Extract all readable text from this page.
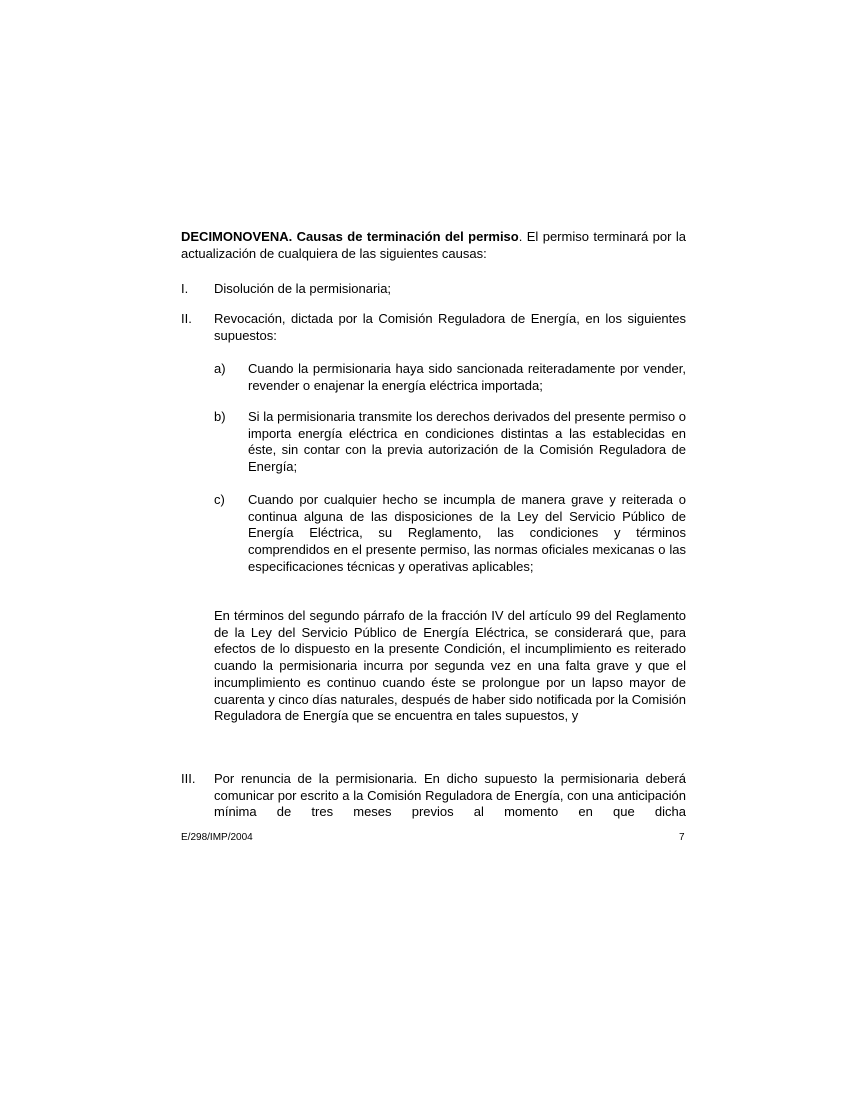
DECIMONOVENA. Causas de terminación del permiso. El permiso terminará por la actualización de cualquiera de las siguientes causas:
I. Disolución de la permisionaria;
II. Revocación, dictada por la Comisión Reguladora de Energía, en los siguientes supuestos:
a) Cuando la permisionaria haya sido sancionada reiteradamente por vender, revender o enajenar la energía eléctrica importada;
b) Si la permisionaria transmite los derechos derivados del presente permiso o importa energía eléctrica en condiciones distintas a las establecidas en éste, sin contar con la previa autorización de la Comisión Reguladora de Energía;
c) Cuando por cualquier hecho se incumpla de manera grave y reiterada o continua alguna de las disposiciones de la Ley del Servicio Público de Energía Eléctrica, su Reglamento, las condiciones y términos comprendidos en el presente permiso, las normas oficiales mexicanas o las especificaciones técnicas y operativas aplicables;
En términos del segundo párrafo de la fracción IV del artículo 99 del Reglamento de la Ley del Servicio Público de Energía Eléctrica, se considerará que, para efectos de lo dispuesto en la presente Condición, el incumplimiento es reiterado cuando la permisionaria incurra por segunda vez en una falta grave y que el incumplimiento es continuo cuando éste se prolongue por un lapso mayor de cuarenta y cinco días naturales, después de haber sido notificada por la Comisión Reguladora de Energía que se encuentra en tales supuestos, y
III. Por renuncia de la permisionaria. En dicho supuesto la permisionaria deberá comunicar por escrito a la Comisión Reguladora de Energía, con una anticipación mínima de tres meses previos al momento en que dicha
E/298/IMP/2004	7
